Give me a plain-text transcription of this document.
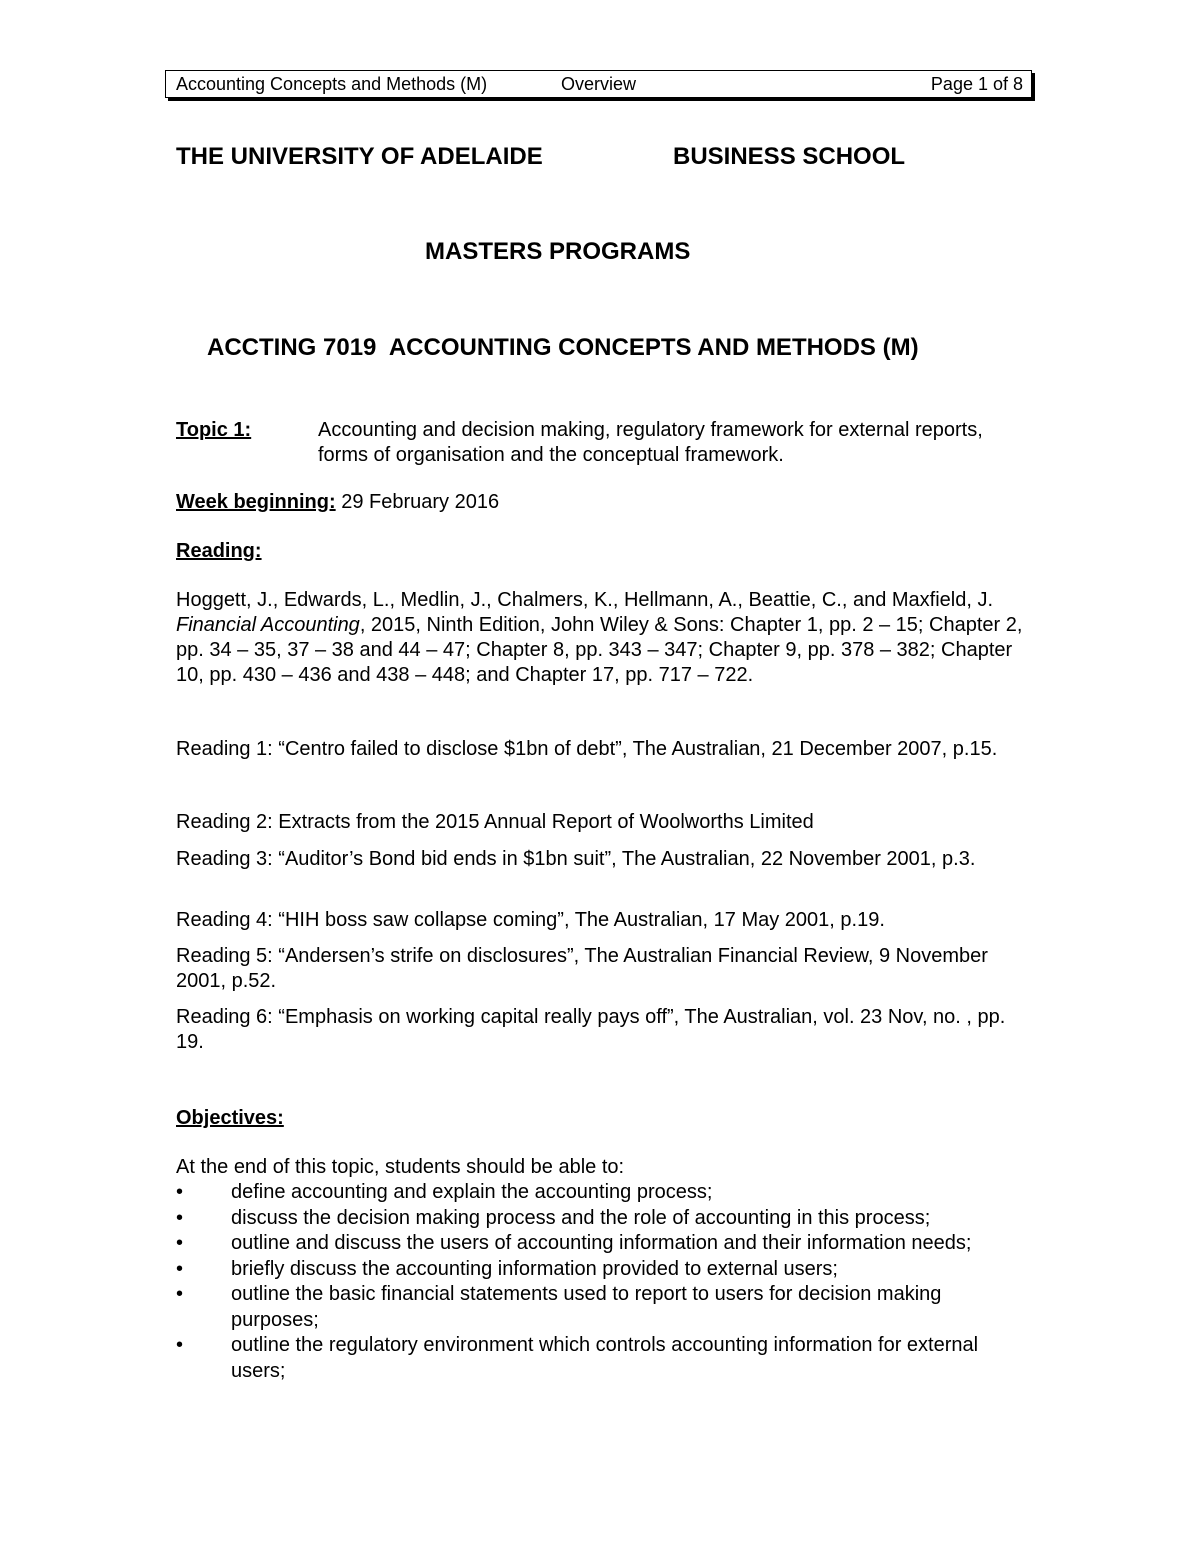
Accounting Concepts and Methods (M)	Overview	Page 1 of 8
THE UNIVERSITY OF ADELAIDE	BUSINESS SCHOOL
MASTERS PROGRAMS
ACCTING 7019  ACCOUNTING CONCEPTS AND METHODS (M)
Topic 1:	Accounting and decision making, regulatory framework for external reports, forms of organisation and the conceptual framework.
Week beginning: 29 February 2016
Reading:
Hoggett, J., Edwards, L., Medlin, J., Chalmers, K., Hellmann, A., Beattie, C., and Maxfield, J.  Financial Accounting, 2015, Ninth Edition, John Wiley & Sons: Chapter 1, pp. 2 – 15; Chapter 2, pp. 34 – 35, 37 – 38 and 44 – 47; Chapter 8, pp. 343 – 347; Chapter 9, pp. 378 – 382; Chapter 10, pp. 430 – 436 and 438 – 448; and Chapter 17, pp. 717 – 722.
Reading 1: “Centro failed to disclose $1bn of debt”, The Australian, 21 December 2007, p.15.
Reading 2: Extracts from the 2015 Annual Report of Woolworths Limited
Reading 3: “Auditor’s Bond bid ends in $1bn suit”, The Australian, 22 November 2001, p.3.
Reading 4: “HIH boss saw collapse coming”, The Australian, 17 May 2001, p.19.
Reading 5: “Andersen’s strife on disclosures”, The Australian Financial Review, 9 November 2001, p.52.
Reading 6: “Emphasis on working capital really pays off”, The Australian, vol. 23 Nov, no. , pp. 19.
Objectives:
At the end of this topic, students should be able to:
•	define accounting and explain the accounting process;
•	discuss the decision making process and the role of accounting in this process;
•	outline and discuss the users of accounting information and their information needs;
•	briefly discuss the accounting information provided to external users;
•	outline the basic financial statements used to report to users for decision making purposes;
•	outline the regulatory environment which controls accounting information for external users;
